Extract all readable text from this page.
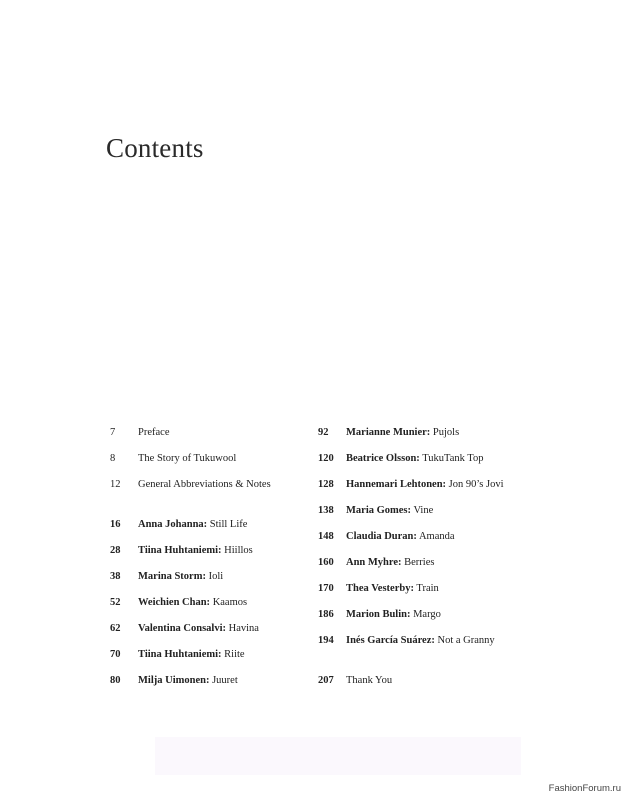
Contents
7 Preface
8 The Story of Tukuwool
12 General Abbreviations & Notes
16 Anna Johanna: Still Life
28 Tiina Huhtaniemi: Hiillos
38 Marina Storm: Ioli
52 Weichien Chan: Kaamos
62 Valentina Consalvi: Havina
70 Tiina Huhtaniemi: Riite
80 Milja Uimonen: Juuret
92 Marianne Munier: Pujols
120 Beatrice Olsson: TukuTank Top
128 Hannemari Lehtonen: Jon 90’s Jovi
138 Maria Gomes: Vine
148 Claudia Duran: Amanda
160 Ann Myhre: Berries
170 Thea Vesterby: Train
186 Marion Bulin: Margo
194 Inés García Suárez: Not a Granny
207 Thank You
FashionForum.ru
